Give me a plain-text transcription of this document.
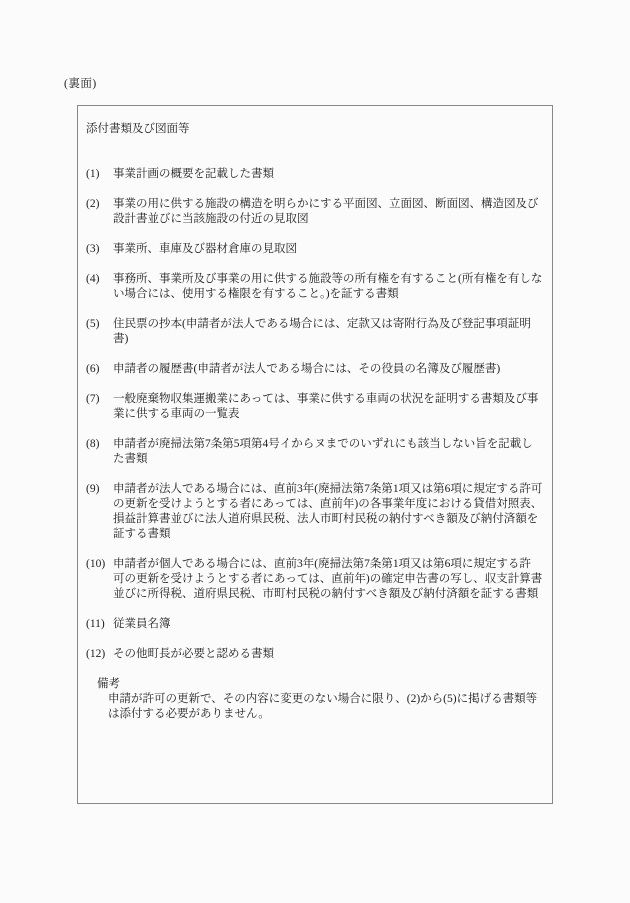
(裏面)
添付書類及び図面等
(1)	事業計画の概要を記載した書類
(2)	事業の用に供する施設の構造を明らかにする平面図、立面図、断面図、構造図及び
設計書並びに当該施設の付近の見取図
(3)	事業所、車庫及び器材倉庫の見取図
(4)	事務所、事業所及び事業の用に供する施設等の所有権を有すること(所有権を有しな
い場合には、使用する権限を有すること。)を証する書類
(5)	住民票の抄本(申請者が法人である場合には、定款又は寄附行為及び登記事項証明
書)
(6)	申請者の履歴書(申請者が法人である場合には、その役員の名簿及び履歴書)
(7)	一般廃棄物収集運搬業にあっては、事業に供する車両の状況を証明する書類及び事
業に供する車両の一覧表
(8)	申請者が廃掃法第7条第5項第4号イからヌまでのいずれにも該当しない旨を記載し
た書類
(9)	申請者が法人である場合には、直前3年(廃掃法第7条第1項又は第6項に規定する許可
の更新を受けようとする者にあっては、直前年)の各事業年度における貸借対照表、
損益計算書並びに法人道府県民税、法人市町村民税の納付すべき額及び納付済額を
証する書類
(10) 申請者が個人である場合には、直前3年(廃掃法第7条第1項又は第6項に規定する許
可の更新を受けようとする者にあっては、直前年)の確定申告書の写し、収支計算書
並びに所得税、道府県民税、市町村民税の納付すべき額及び納付済額を証する書類
(11) 従業員名簿
(12) その他町長が必要と認める書類
備考
申請が許可の更新で、その内容に変更のない場合に限り、(2)から(5)に掲げる書類等
は添付する必要がありません。
